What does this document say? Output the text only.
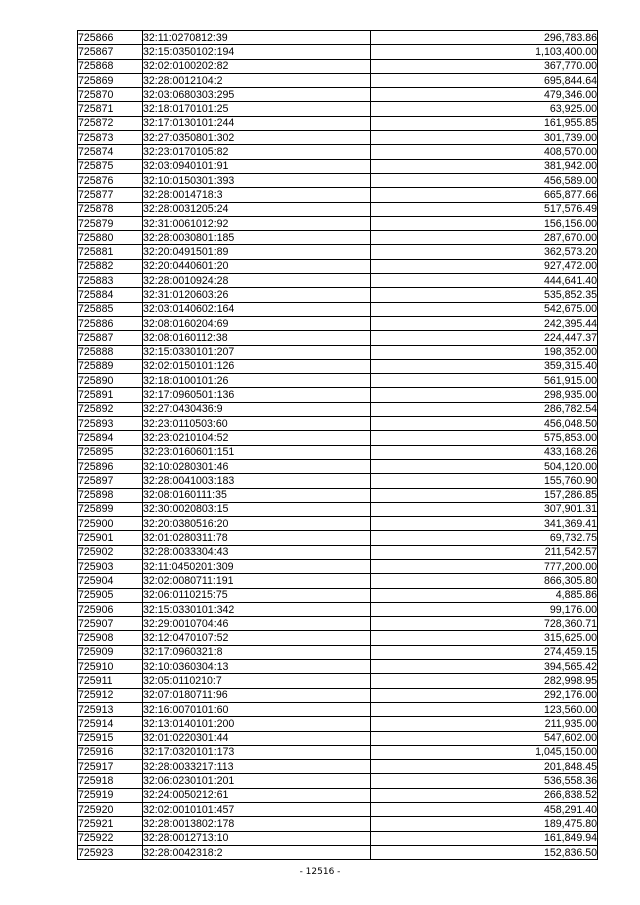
725866	32:11:0270812:39	296,783.86
725867	32:15:0350102:194	1,103,400.00
725868	32:02:0100202:82	367,770.00
725869	32:28:0012104:2	695,844.64
725870	32:03:0680303:295	479,346.00
725871	32:18:0170101:25	63,925.00
725872	32:17:0130101:244	161,955.85
725873	32:27:0350801:302	301,739.00
725874	32:23:0170105:82	408,570.00
725875	32:03:0940101:91	381,942.00
725876	32:10:0150301:393	456,589.00
725877	32:28:0014718:3	665,877.66
725878	32:28:0031205:24	517,576.49
725879	32:31:0061012:92	156,156.00
725880	32:28:0030801:185	287,670.00
725881	32:20:0491501:89	362,573.20
725882	32:20:0440601:20	927,472.00
725883	32:28:0010924:28	444,641.40
725884	32:31:0120603:26	535,852.35
725885	32:03:0140602:164	542,675.00
725886	32:08:0160204:69	242,395.44
725887	32:08:0160112:38	224,447.37
725888	32:15:0330101:207	198,352.00
725889	32:02:0150101:126	359,315.40
725890	32:18:0100101:26	561,915.00
725891	32:17:0960501:136	298,935.00
725892	32:27:0430436:9	286,782.54
725893	32:23:0110503:60	456,048.50
725894	32:23:0210104:52	575,853.00
725895	32:23:0160601:151	433,168.26
725896	32:10:0280301:46	504,120.00
725897	32:28:0041003:183	155,760.90
725898	32:08:0160111:35	157,286.85
725899	32:30:0020803:15	307,901.31
725900	32:20:0380516:20	341,369.41
725901	32:01:0280311:78	69,732.75
725902	32:28:0033304:43	211,542.57
725903	32:11:0450201:309	777,200.00
725904	32:02:0080711:191	866,305.80
725905	32:06:0110215:75	4,885.86
725906	32:15:0330101:342	99,176.00
725907	32:29:0010704:46	728,360.71
725908	32:12:0470107:52	315,625.00
725909	32:17:0960321:8	274,459.15
725910	32:10:0360304:13	394,565.42
725911	32:05:0110210:7	282,998.95
725912	32:07:0180711:96	292,176.00
725913	32:16:0070101:60	123,560.00
725914	32:13:0140101:200	211,935.00
725915	32:01:0220301:44	547,602.00
725916	32:17:0320101:173	1,045,150.00
725917	32:28:0033217:113	201,848.45
725918	32:06:0230101:201	536,558.36
725919	32:24:0050212:61	266,838.52
725920	32:02:0010101:457	458,291.40
725921	32:28:0013802:178	189,475.80
725922	32:28:0012713:10	161,849.94
725923	32:28:0042318:2	152,836.50
- 12516 -
